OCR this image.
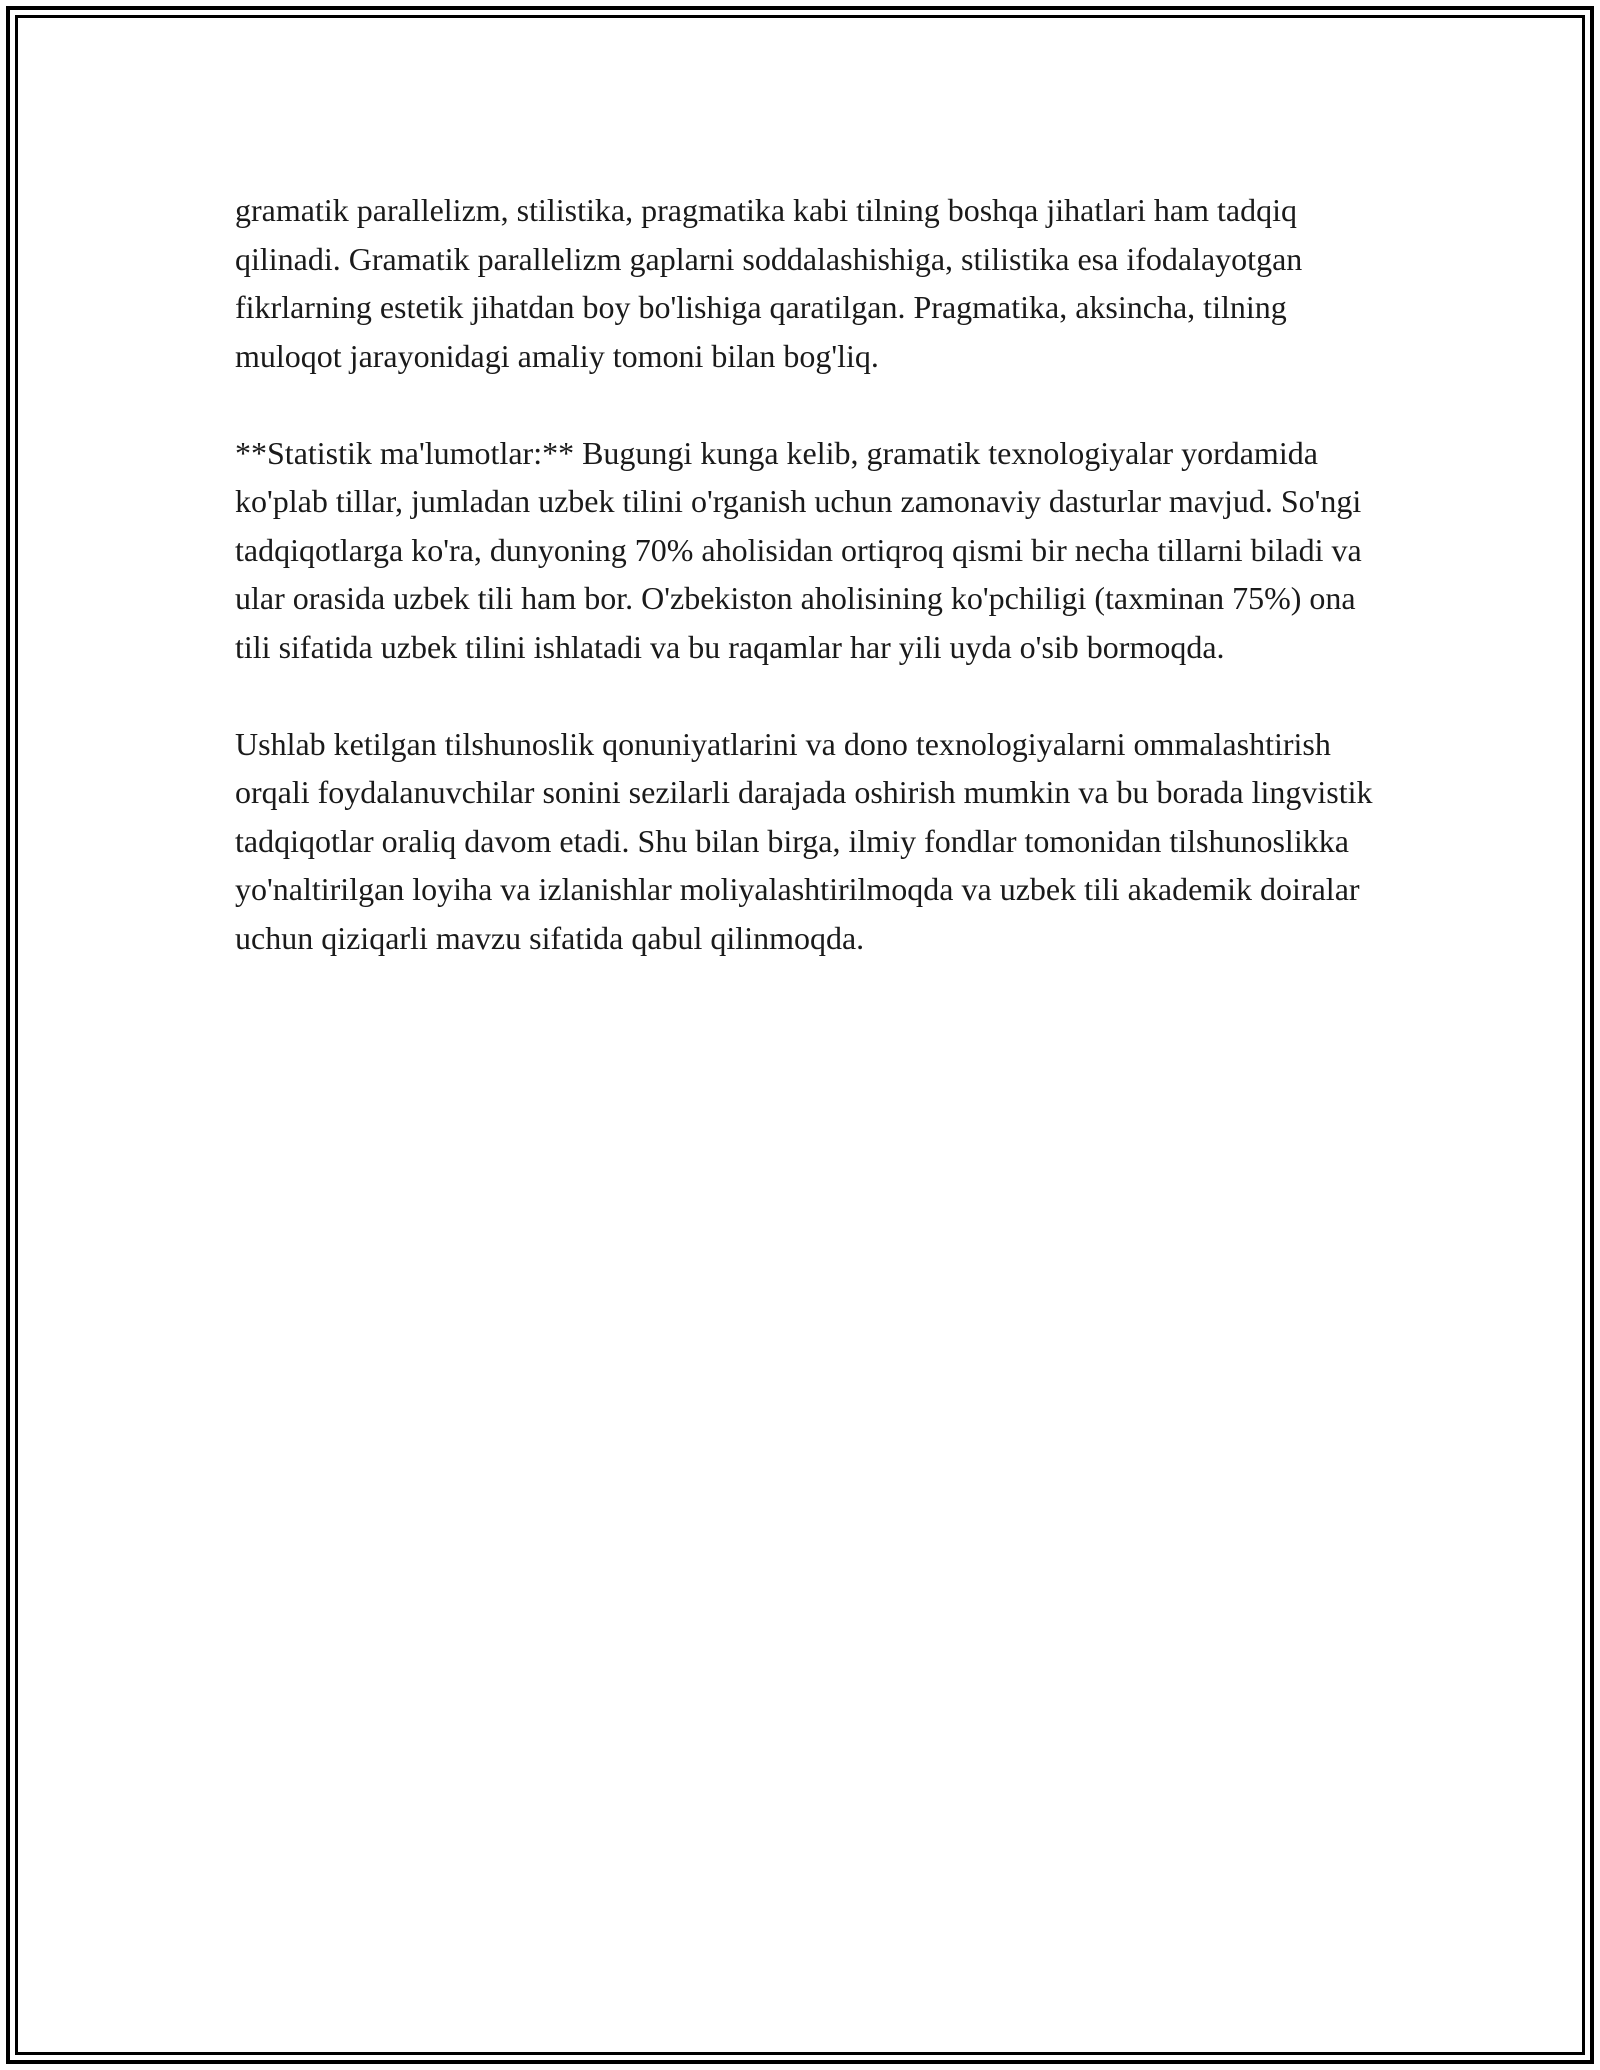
gramatik parallelizm, stilistika, pragmatika kabi tilning boshqa jihatlari ham tadqiq qilinadi. Gramatik parallelizm gaplarni soddalashishiga, stilistika esa ifodalayotgan fikrlarning estetik jihatdan boy bo'lishiga qaratilgan. Pragmatika, aksincha, tilning muloqot jarayonidagi amaliy tomoni bilan bog'liq.

**Statistik ma'lumotlar:** Bugungi kunga kelib, gramatik texnologiyalar yordamida ko'plab tillar, jumladan uzbek tilini o'rganish uchun zamonaviy dasturlar mavjud. So'ngi tadqiqotlarga ko'ra, dunyoning 70% aholisidan ortiqroq qismi bir necha tillarni biladi va ular orasida uzbek tili ham bor. O'zbekiston aholisining ko'pchiligi (taxminan 75%) ona tili sifatida uzbek tilini ishlatadi va bu raqamlar har yili uyda o'sib bormoqda.

Ushlab ketilgan tilshunoslik qonuniyatlarini va dono texnologiyalarni ommalashtirish orqali foydalanuvchilar sonini sezilarli darajada oshirish mumkin va bu borada lingvistik tadqiqotlar oraliq davom etadi. Shu bilan birga, ilmiy fondlar tomonidan tilshunoslikka yo'naltirilgan loyiha va izlanishlar moliyalashtirilmoqda va uzbek tili akademik doiralar uchun qiziqarli mavzu sifatida qabul qilinmoqda.
